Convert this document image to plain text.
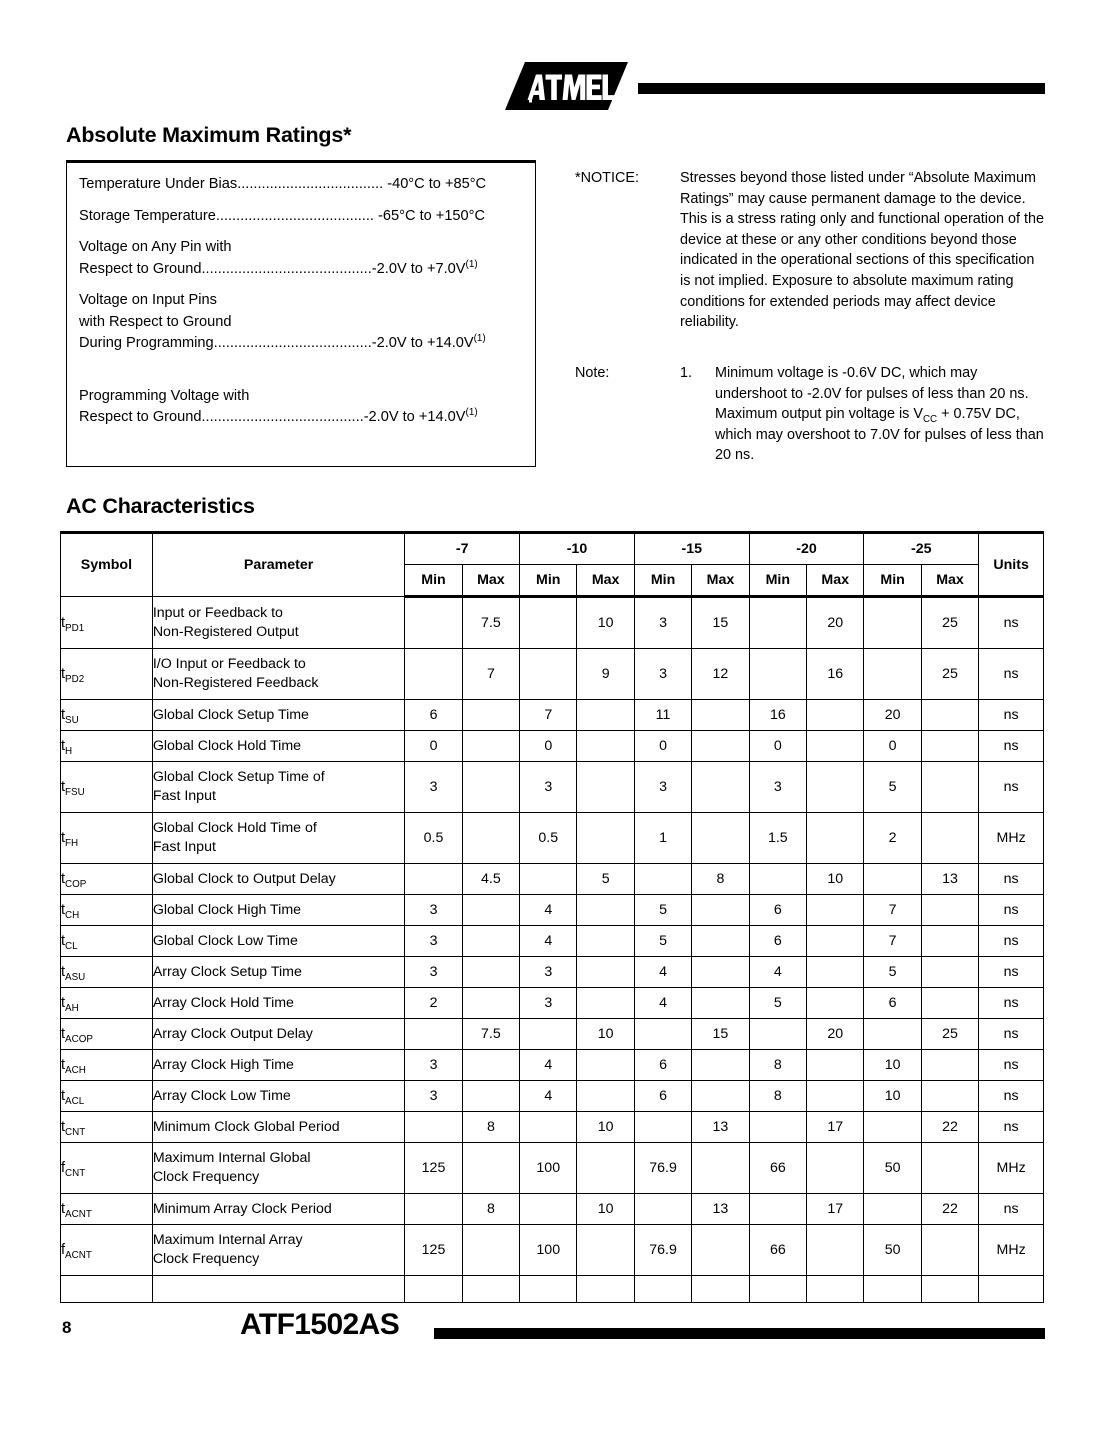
Absolute Maximum Ratings*
Temperature Under Bias.................................... -40°C to +85°C
Storage Temperature....................................... -65°C to +150°C
Voltage on Any Pin with
Respect to Ground..........................................-2.0V to +7.0V$^{(1)}$
Voltage on Input Pins
with Respect to Ground
During Programming.......................................-2.0V to +14.0V$^{(1)}$
Programming Voltage with
Respect to Ground........................................-2.0V to +14.0V$^{(1)}$
*NOTICE:	Stresses beyond those listed under “Absolute Maximum Ratings” may cause permanent damage to the device. This is a stress rating only and functional operation of the device at these or any other conditions beyond those indicated in the operational sections of this specification is not implied. Exposure to absolute maximum rating conditions for extended periods may affect device reliability.
Note:	1.	Minimum voltage is -0.6V DC, which may undershoot to -2.0V for pulses of less than 20 ns. Maximum output pin voltage is $V_{CC} + 0.75V$ DC, which may overshoot to 7.0V for pulses of less than 20 ns.
AC Characteristics
Symbol	Parameter	-7		-10		-15		-20		-25		Units
		Min	Max	Min	Max	Min	Max	Min	Max	Min	Max	
$t_{PD1}$	Input or Feedback to
Non-Registered Output		7.5		10	3	15		20		25	ns
$t_{PD2}$	I/O Input or Feedback to
Non-Registered Feedback		7		9	3	12		16		25	ns
$t_{SU}$	Global Clock Setup Time	6		7		11		16		20		ns
$t_H$	Global Clock Hold Time	0		0		0		0		0		ns
$t_{FSU}$	Global Clock Setup Time of
Fast Input	3		3		3		3		5		ns
$t_{FH}$	Global Clock Hold Time of
Fast Input	0.5		0.5		1		1.5		2		MHz
$t_{COP}$	Global Clock to Output Delay		4.5		5		8		10		13	ns
$t_{CH}$	Global Clock High Time	3		4		5		6		7		ns
$t_{CL}$	Global Clock Low Time	3		4		5		6		7		ns
$t_{ASU}$	Array Clock Setup Time	3		3		4		4		5		ns
$t_{AH}$	Array Clock Hold Time	2		3		4		5		6		ns
$t_{ACOP}$	Array Clock Output Delay		7.5		10		15		20		25	ns
$t_{ACH}$	Array Clock High Time	3		4		6		8		10		ns
$t_{ACL}$	Array Clock Low Time	3		4		6		8		10		ns
$t_{CNT}$	Minimum Clock Global Period		8		10		13		17		22	ns
$f_{CNT}$	Maximum Internal Global
Clock Frequency	125		100		76.9		66		50		MHz
$t_{ACNT}$	Minimum Array Clock Period		8		10		13		17		22	ns
$f_{ACNT}$	Maximum Internal Array
Clock Frequency	125		100		76.9		66		50		MHz

8	ATF1502AS
